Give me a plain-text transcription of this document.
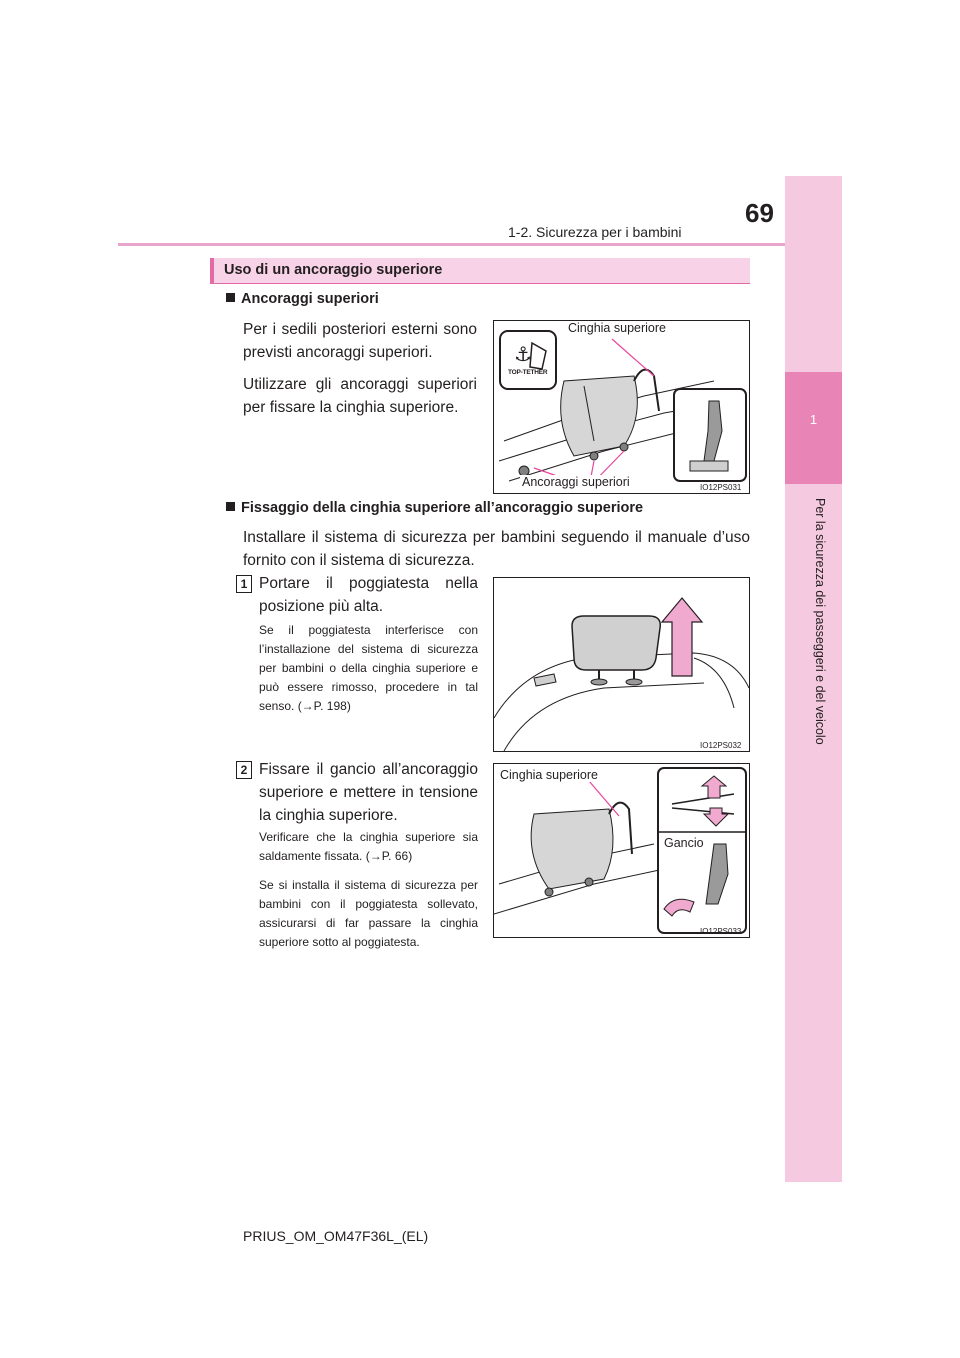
69
1-2. Sicurezza per i bambini
1
Per la sicurezza dei passeggeri e del veicolo
Uso di un ancoraggio superiore
Ancoraggi superiori
Per i sedili posteriori esterni sono previsti ancoraggi superiori.
Utilizzare gli ancoraggi superiori per fissare la cinghia superiore.
⚓
Cinghia superiore
Ancoraggi superiori
TOP-TETHER
IO12PS031
Fissaggio della cinghia superiore all’ancoraggio superiore
Installare il sistema di sicurezza per bambini seguendo il manuale d’uso fornito con il sistema di sicurezza.
1 Portare il poggiatesta nella posizione più alta.
Se il poggiatesta interferisce con l’installazione del sistema di sicurezza per bambini o della cinghia superiore e può essere rimosso, procedere in tal senso. (→P. 198)
IO12PS032
2 Fissare il gancio all’ancoraggio superiore e mettere in tensione la cinghia superiore.
Verificare che la cinghia superiore sia saldamente fissata. (→P. 66)
Se si installa il sistema di sicurezza per bambini con il poggiatesta sollevato, assicurarsi di far passare la cinghia superiore sotto al poggiatesta.
Cinghia superiore
Gancio
IO12PS033
PRIUS_OM_OM47F36L_(EL)
